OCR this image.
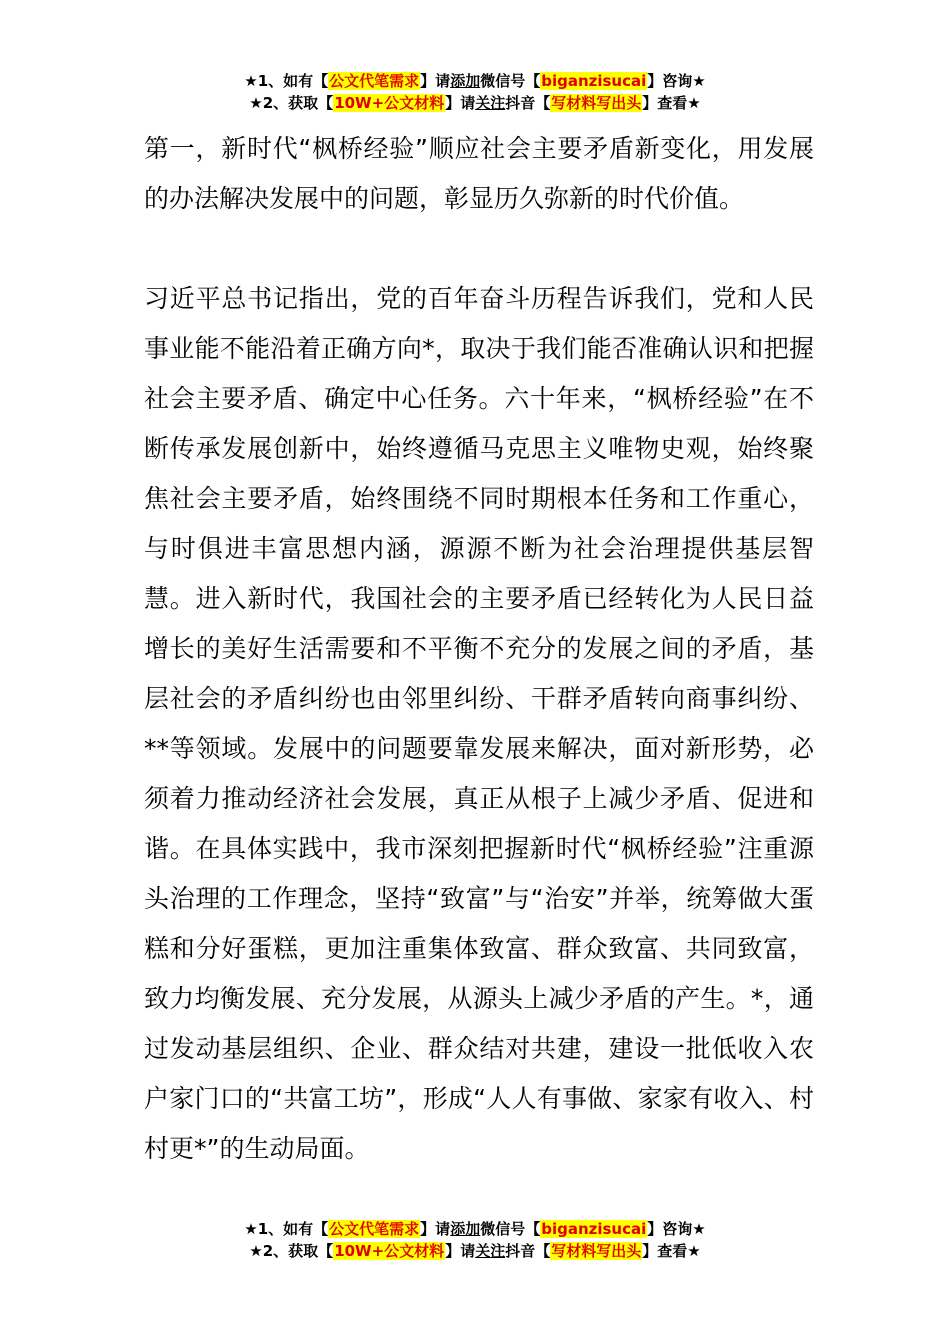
★1、如有【公文代笔需求】请添加微信号【biganzisucai】咨询★
★2、获取【10W+公文材料】请关注抖音【写材料写出头】查看★

第一，新时代“枫桥经验”顺应社会主要矛盾新变化，用发展的办法解决发展中的问题，彰显历久弥新的时代价值。

习近平总书记指出，党的百年奋斗历程告诉我们，党和人民事业能不能沿着正确方向*，取决于我们能否准确认识和把握社会主要矛盾、确定中心任务。六十年来，“枫桥经验”在不断传承发展创新中，始终遵循马克思主义唯物史观，始终聚焦社会主要矛盾，始终围绕不同时期根本任务和工作重心，与时俱进丰富思想内涵，源源不断为社会治理提供基层智慧。进入新时代，我国社会的主要矛盾已经转化为人民日益增长的美好生活需要和不平衡不充分的发展之间的矛盾，基层社会的矛盾纠纷也由邻里纠纷、干群矛盾转向商事纠纷、**等领域。发展中的问题要靠发展来解决，面对新形势，必须着力推动经济社会发展，真正从根子上减少矛盾、促进和谐。在具体实践中，我市深刻把握新时代“枫桥经验”注重源头治理的工作理念，坚持“致富”与“治安”并举，统筹做大蛋糕和分好蛋糕，更加注重集体致富、群众致富、共同致富，致力均衡发展、充分发展，从源头上减少矛盾的产生。*，通过发动基层组织、企业、群众结对共建，建设一批低收入农户家门口的“共富工坊”，形成“人人有事做、家家有收入、村村更*”的生动局面。

★1、如有【公文代笔需求】请添加微信号【biganzisucai】咨询★
★2、获取【10W+公文材料】请关注抖音【写材料写出头】查看★
